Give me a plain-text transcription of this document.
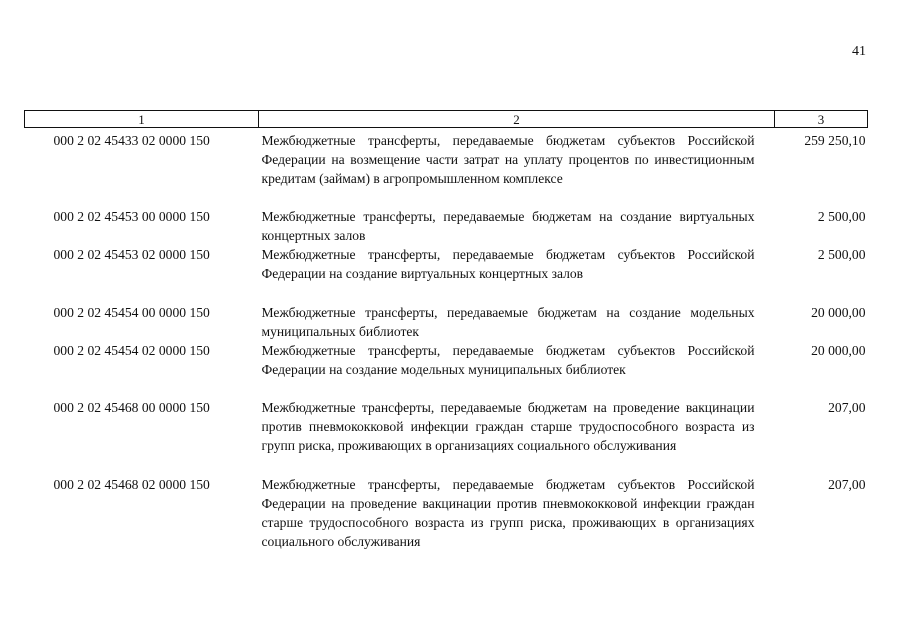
41
1	2	3
000 2 02 45433 02 0000 150	Межбюджетные трансферты, передаваемые бюджетам субъектов Российской Федерации на возмещение части затрат на уплату процентов по инвестиционным кредитам (займам) в агропромышленном комплексе	259 250,10
000 2 02 45453 00 0000 150	Межбюджетные трансферты, передаваемые бюджетам на создание виртуальных концертных залов	2 500,00
000 2 02 45453 02 0000 150	Межбюджетные трансферты, передаваемые бюджетам субъектов Российской Федерации на создание виртуальных концертных залов	2 500,00
000 2 02 45454 00 0000 150	Межбюджетные трансферты, передаваемые бюджетам на создание модельных муниципальных библиотек	20 000,00
000 2 02 45454 02 0000 150	Межбюджетные трансферты, передаваемые бюджетам субъектов Российской Федерации на создание модельных муниципальных библиотек	20 000,00
000 2 02 45468 00 0000 150	Межбюджетные трансферты, передаваемые бюджетам на проведение вакцинации против пневмококковой инфекции граждан старше трудоспособного возраста из групп риска, проживающих в организациях социального обслуживания	207,00
000 2 02 45468 02 0000 150	Межбюджетные трансферты, передаваемые бюджетам субъектов Российской Федерации на проведение вакцинации против пневмококковой инфекции граждан старше трудоспособного возраста из групп риска, проживающих в организациях социального обслуживания	207,00
